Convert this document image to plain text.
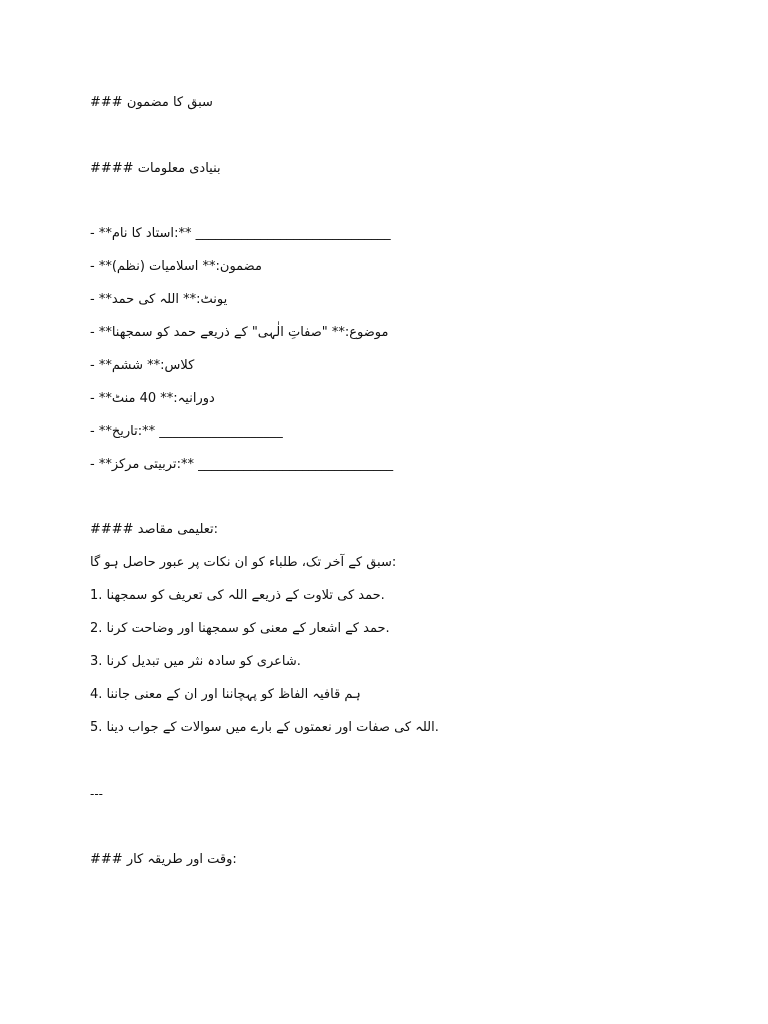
### سبق کا مضمون
#### بنیادی معلومات
- **استاد کا نام:** ______________________________
- **مضمون:** اسلامیات (نظم)
- **یونٹ:** اللہ کی حمد
- **موضوع:** "صفاتِ الٰہی" کے ذریعے حمد کو سمجھنا
- **کلاس:** ششم
- **دورانیہ:** 40 منٹ
- **تاریخ:** ___________________
- **تربیتی مرکز:** ______________________________
#### تعلیمی مقاصد:
سبق کے آخر تک، طلباء کو ان نکات پر عبور حاصل ہو گا:
1. حمد کی تلاوت کے ذریعے اللہ کی تعریف کو سمجھنا.
2. حمد کے اشعار کے معنی کو سمجھنا اور وضاحت کرنا.
3. شاعری کو سادہ نثر میں تبدیل کرنا.
4. ہم قافیہ الفاظ کو پہچاننا اور ان کے معنی جاننا
5. اللہ کی صفات اور نعمتوں کے بارے میں سوالات کے جواب دینا.
---
### وقت اور طریقہ کار:
